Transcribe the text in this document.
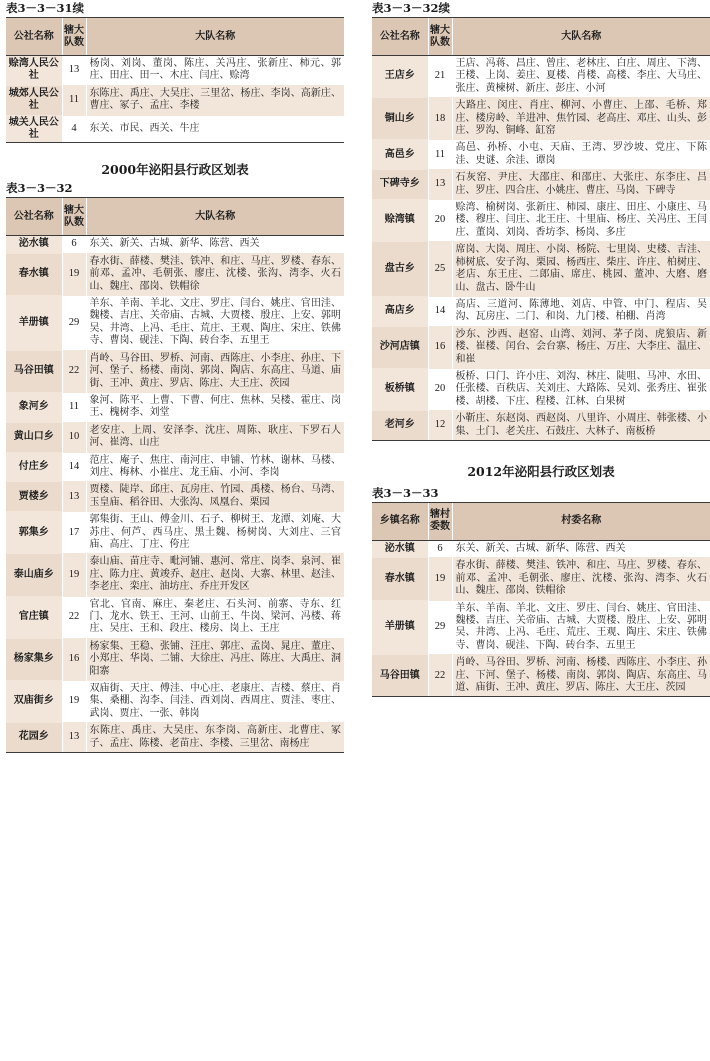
表3－3－31续
公社名称	辖大队数	大队名称
赊湾人民公社	13	杨岗、刘岗、董岗、陈庄、关冯庄、张新庄、柿元、郭庄、田庄、田一、木庄、闫庄、赊湾
城郊人民公社	11	东陈庄、禹庄、大吴庄、三里岔、杨庄、李岗、高新庄、曹庄、冢子、孟庄、李楼
城关人民公社	4	东关、市民、西关、牛庄
2000年泌阳县行政区划表
表3－3－32
公社名称	辖大队数	大队名称
泌水镇	6	东关、新关、古城、新华、陈营、西关
春水镇	19	春水街、薛楼、樊洼、铁冲、和庄、马庄、罗楼、春东、前邓、孟冲、毛朝张、廖庄、沈楼、张沟、湾李、火石山、魏庄、邵岗、铁帽徐
羊册镇	29	羊东、羊南、羊北、文庄、罗庄、闫台、姚庄、官田洼、魏楼、吉庄、关帝庙、古城、大贾楼、殷庄、上安、郭明吴、井湾、上冯、毛庄、荒庄、王观、陶庄、宋庄、铁佛寺、曹岗、砚洼、下陶、砖台李、五里王
马谷田镇	22	肖岭、马谷田、罗桥、河南、西陈庄、小李庄、孙庄、下河、堡子、杨楼、南岗、郭岗、陶店、东高庄、马道、庙街、王冲、黄庄、罗店、陈庄、大王庄、茨园
象河乡	11	象河、陈平、上曹、下曹、何庄、焦林、吴楼、霍庄、岗王、槐树李、刘堂
黄山口乡	10	老安庄、上周、安泽李、沈庄、周陈、耿庄、下罗石人河、崔湾、山庄
付庄乡	14	范庄、庵子、焦庄、南河庄、申铺、竹林、谢林、马楼、刘庄、梅林、小崔庄、龙王庙、小河、李岗
贾楼乡	13	贾楼、陡岸、邱庄、瓦房庄、竹园、禹楼、杨台、马湾、玉皇庙、稻谷田、大张沟、凤凰台、栗园
郭集乡	17	郭集街、王山、傅金川、石子、柳树王、龙潭、刘庵、大苏庄、何芦、西马庄、黑土魏、杨树岗、大刘庄、三官庙、高庄、丁庄、侉庄
泰山庙乡	19	泰山庙、苗庄寺、毗河铺、惠河、常庄、岗李、泉河、崔庄、陈力庄、黄竣乔、赵庄、赵岗、大寨、林里、赵洼、李老庄、栾庄、油坊庄、乔庄开发区
官庄镇	22	官北、官南、麻庄、秦老庄、石头河、前寨、寺东、红门、龙水、铁王、王河、山前王、牛岗、梁河、冯楼、蒋庄、吴庄、王和、段庄、楼房、岗上、王庄
杨家集乡	16	杨家集、王稳、张铺、汪庄、郭庄、孟岗、晁庄、董庄、小郑庄、华岗、二铺、大徐庄、冯庄、陈庄、大禹庄、洞阳寨
双庙街乡	19	双庙街、天庄、傅洼、中心庄、老康庄、吉楼、蔡庄、肖集、桑棚、沟李、闫洼、西刘岗、西周庄、贾洼、枣庄、武岗、贾庄、一张、韩岗
花园乡	13	东陈庄、禹庄、大吴庄、东李岗、高新庄、北曹庄、冢子、孟庄、陈楼、老苗庄、李楼、三里岔、南杨庄
表3－3－32续
公社名称	辖大队数	大队名称
王店乡	21	王店、冯蒋、昌庄、曾庄、老林庄、白庄、周庄、下湾、王楼、上岗、姜庄、夏楼、肖楼、高楼、李庄、大马庄、张庄、黄楝树、新庄、彭庄、小河
铜山乡	18	大路庄、闵庄、肖庄、柳河、小曹庄、上邵、毛桥、郑庄、楼房岭、羊进冲、焦竹园、老高庄、邓庄、山头、彭庄、罗沟、铜峰、缸窑
高邑乡	11	高邑、孙桥、小屯、天庙、王湾、罗沙坡、党庄、下陈洼、史谜、余洼、谭岗
下碑寺乡	13	石灰窑、尹庄、大邵庄、和邵庄、大张庄、东李庄、吕庄、罗庄、四合庄、小姚庄、曹庄、马岗、下碑寺
赊湾镇	20	赊湾、榆树岗、张新庄、柿园、康庄、田庄、小康庄、马楼、穆庄、闫庄、北王庄、十里庙、杨庄、关冯庄、王闫庄、董岗、刘岗、香坊李、杨岗、多庄
盘古乡	25	席岗、大岗、周庄、小岗、杨院、七里岗、史楼、吉洼、柿树底、安子沟、栗园、杨西庄、柴庄、许庄、柏树庄、老店、东王庄、二郎庙、席庄、桃园、董冲、大磨、磨山、盘古、卧牛山
高店乡	14	高店、三道河、陈薄地、刘店、中管、中门、程店、吴沟、瓦房庄、二门、和岗、九门楼、柏棚、肖湾
沙河店镇	16	沙东、沙西、赵窑、山湾、刘河、茅子岗、虎狼店、新楼、崔楼、闰台、会台寨、杨庄、万庄、大李庄、温庄、和崔
板桥镇	20	板桥、口门、许小庄、刘沟、林庄、陡咀、马冲、水田、任张楼、百秩店、关刘庄、大路陈、吴刘、张秀庄、崔张楼、胡楼、下庄、程楼、江林、白果树
老河乡	12	小靳庄、东赵岗、西赵岗、八里许、小周庄、韩张楼、小集、土门、老关庄、石鼓庄、大林子、南板桥
2012年泌阳县行政区划表
表3－3－33
乡镇名称	辖村委数	村委名称
泌水镇	6	东关、新关、古城、新华、陈营、西关
春水镇	19	春水街、薛楼、樊洼、铁冲、和庄、马庄、罗楼、春东、前邓、孟冲、毛朝张、廖庄、沈楼、张沟、湾李、火石山、魏庄、邵岗、铁帽徐
羊册镇	29	羊东、羊南、羊北、文庄、罗庄、闫台、姚庄、官田洼、魏楼、吉庄、关帝庙、古城、大贾楼、殷庄、上安、郭明吴、井湾、上冯、毛庄、荒庄、王观、陶庄、宋庄、铁佛寺、曹岗、砚洼、下陶、砖台李、五里王
马谷田镇	22	肖岭、马谷田、罗桥、河南、杨楼、西陈庄、小李庄、孙庄、下河、堡子、杨楼、南岗、郭岗、陶店、东高庄、马道、庙街、王冲、黄庄、罗店、陈庄、大王庄、茨园
